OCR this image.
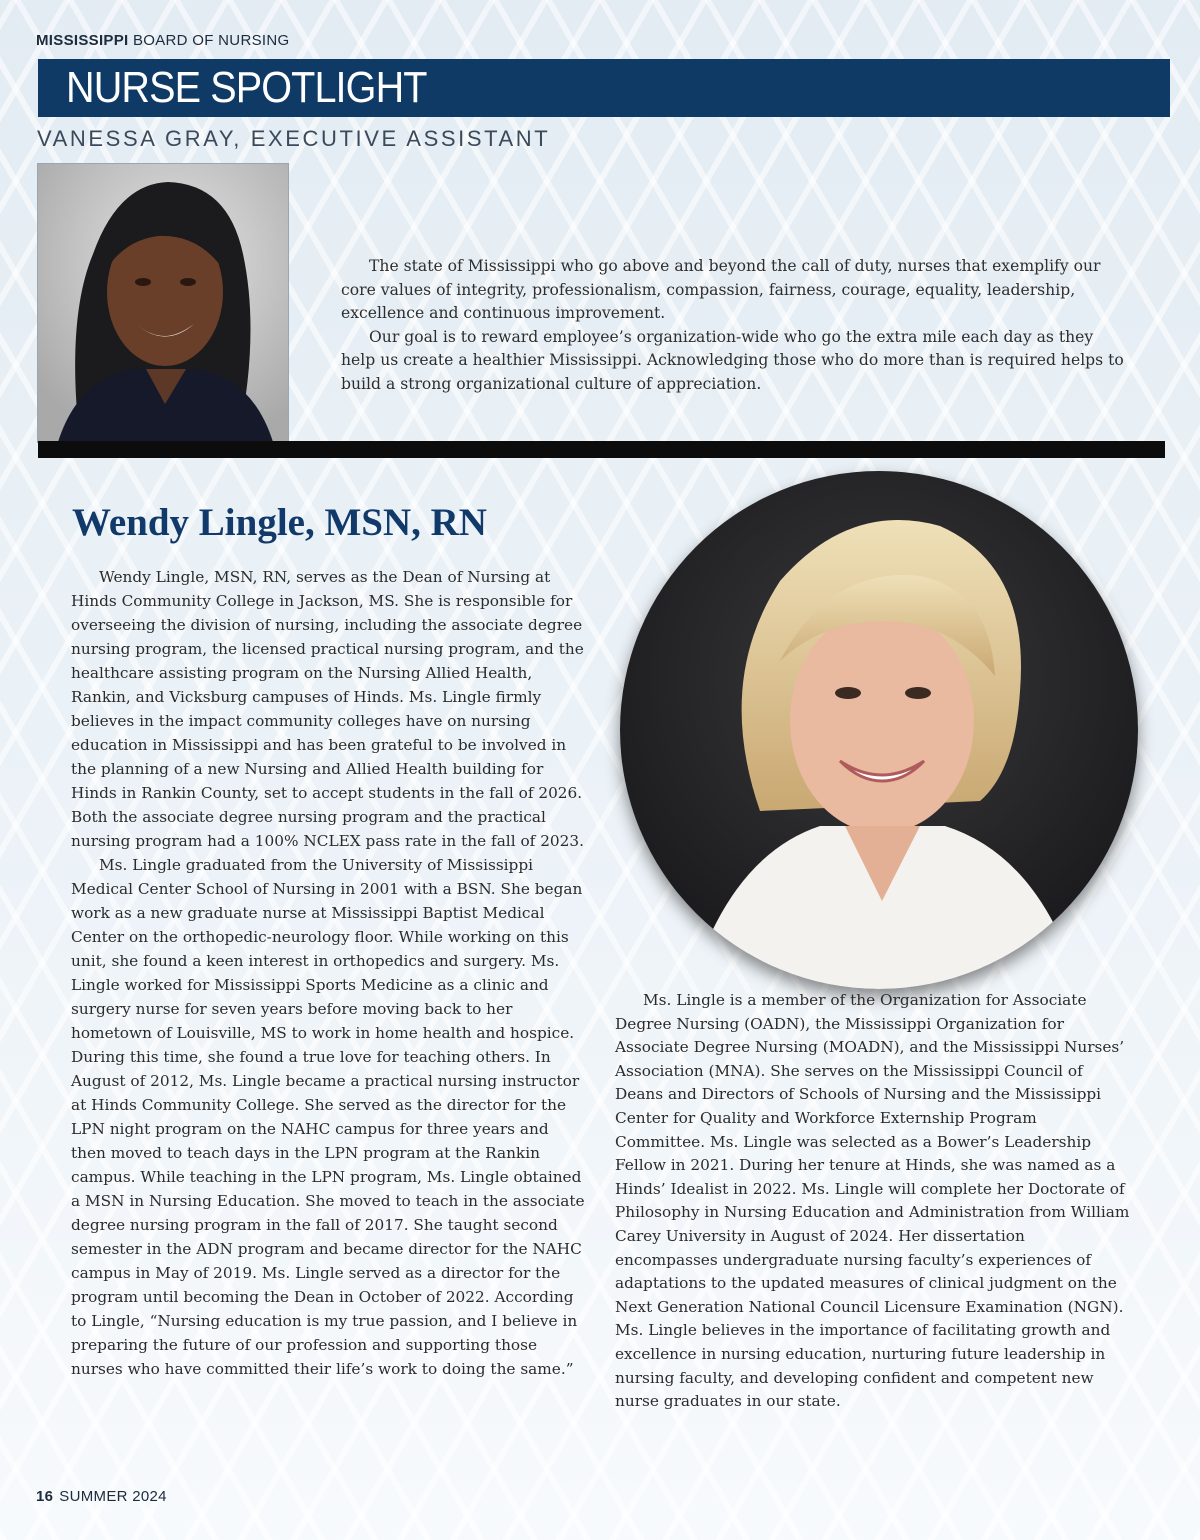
MISSISSIPPI BOARD OF NURSING
NURSE SPOTLIGHT
VANESSA GRAY, EXECUTIVE ASSISTANT

The state of Mississippi who go above and beyond the call of duty, nurses that exemplify our core values of integrity, professionalism, compassion, fairness, courage, equality, leadership, excellence and continuous improvement.

Our goal is to reward employee’s organization-wide who go the extra mile each day as they help us create a healthier Mississippi. Acknowledging those who do more than is required helps to build a strong organizational culture of appreciation.

Wendy Lingle, MSN, RN

Wendy Lingle, MSN, RN, serves as the Dean of Nursing at Hinds Community College in Jackson, MS. She is responsible for overseeing the division of nursing, including the associate degree nursing program, the licensed practical nursing program, and the healthcare assisting program on the Nursing Allied Health, Rankin, and Vicksburg campuses of Hinds. Ms. Lingle firmly believes in the impact community colleges have on nursing education in Mississippi and has been grateful to be involved in the planning of a new Nursing and Allied Health building for Hinds in Rankin County, set to accept students in the fall of 2026. Both the associate degree nursing program and the practical nursing program had a 100% NCLEX pass rate in the fall of 2023.

Ms. Lingle graduated from the University of Mississippi Medical Center School of Nursing in 2001 with a BSN. She began work as a new graduate nurse at Mississippi Baptist Medical Center on the orthopedic-neurology floor. While working on this unit, she found a keen interest in orthopedics and surgery. Ms. Lingle worked for Mississippi Sports Medicine as a clinic and surgery nurse for seven years before moving back to her hometown of Louisville, MS to work in home health and hospice. During this time, she found a true love for teaching others. In August of 2012, Ms. Lingle became a practical nursing instructor at Hinds Community College. She served as the director for the LPN night program on the NAHC campus for three years and then moved to teach days in the LPN program at the Rankin campus. While teaching in the LPN program, Ms. Lingle obtained a MSN in Nursing Education. She moved to teach in the associate degree nursing program in the fall of 2017. She taught second semester in the ADN program and became director for the NAHC campus in May of 2019. Ms. Lingle served as a director for the program until becoming the Dean in October of 2022. According to Lingle, “Nursing education is my true passion, and I believe in preparing the future of our profession and supporting those nurses who have committed their life’s work to doing the same.”

Ms. Lingle is a member of the Organization for Associate Degree Nursing (OADN), the Mississippi Organization for Associate Degree Nursing (MOADN), and the Mississippi Nurses’ Association (MNA). She serves on the Mississippi Council of Deans and Directors of Schools of Nursing and the Mississippi Center for Quality and Workforce Externship Program Committee. Ms. Lingle was selected as a Bower’s Leadership Fellow in 2021. During her tenure at Hinds, she was named as a Hinds’ Idealist in 2022. Ms. Lingle will complete her Doctorate of Philosophy in Nursing Education and Administration from William Carey University in August of 2024. Her dissertation encompasses undergraduate nursing faculty’s experiences of adaptations to the updated measures of clinical judgment on the Next Generation National Council Licensure Examination (NGN). Ms. Lingle believes in the importance of facilitating growth and excellence in nursing education, nurturing future leadership in nursing faculty, and developing confident and competent new nurse graduates in our state.

16 SUMMER 2024
